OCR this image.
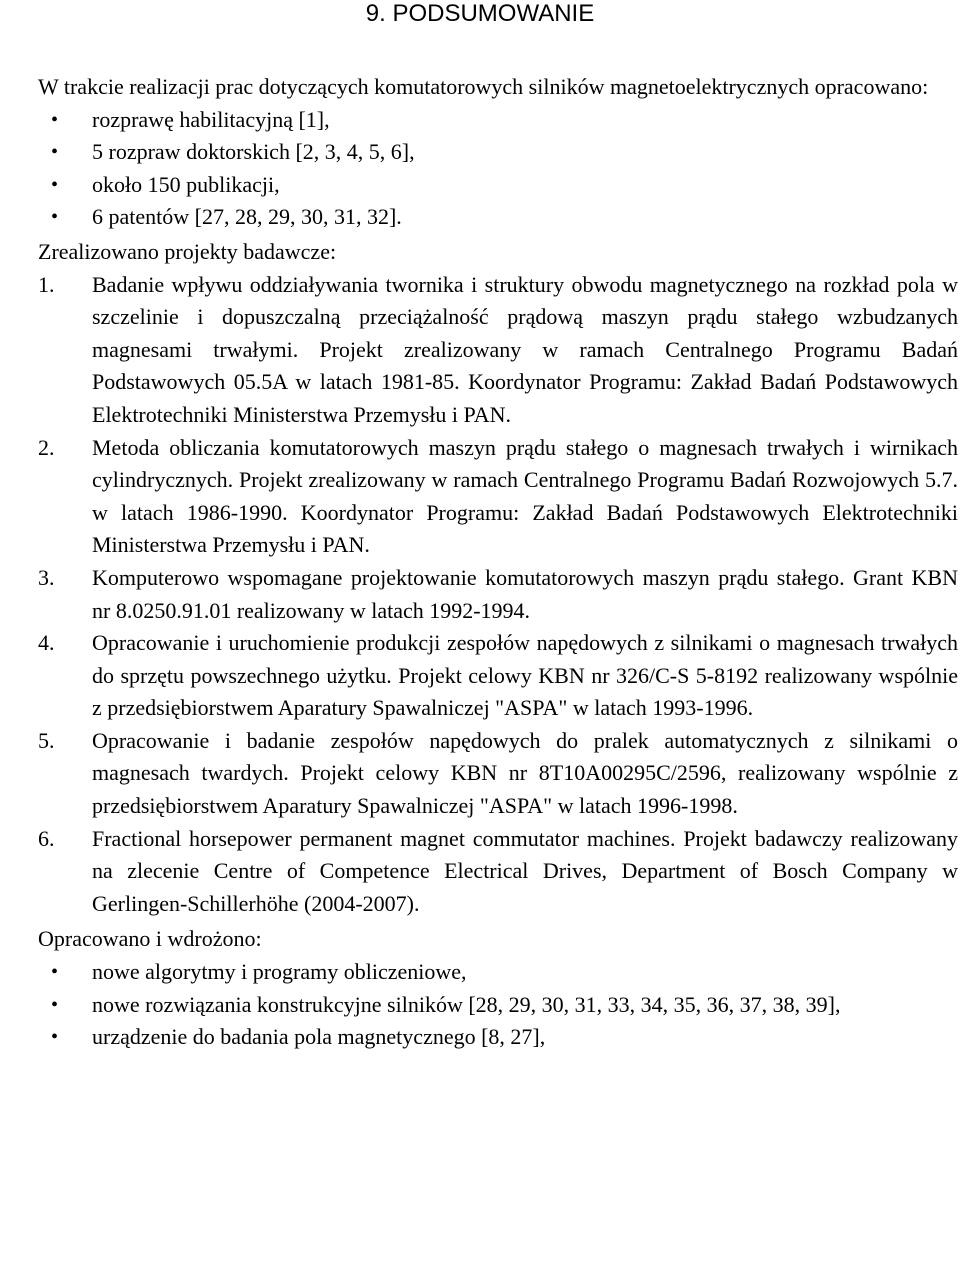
9. PODSUMOWANIE

W trakcie realizacji prac dotyczących komutatorowych silników magnetoelektrycznych opracowano:

• rozprawę habilitacyjną [1],
• 5 rozpraw doktorskich [2, 3, 4, 5, 6],
• około 150 publikacji,
• 6 patentów [27, 28, 29, 30, 31, 32].

Zrealizowano projekty badawcze:

1. Badanie wpływu oddziaływania twornika i struktury obwodu magnetycznego na rozkład pola w szczelinie i dopuszczalną przeciążalność prądową maszyn prądu stałego wzbudzanych magnesami trwałymi. Projekt zrealizowany w ramach Centralnego Programu Badań Podstawowych 05.5A w latach 1981-85. Koordynator Programu: Zakład Badań Podstawowych Elektrotechniki Ministerstwa Przemysłu i PAN.
2. Metoda obliczania komutatorowych maszyn prądu stałego o magnesach trwałych i wirnikach cylindrycznych. Projekt zrealizowany w ramach Centralnego Programu Badań Rozwojowych 5.7. w latach 1986-1990. Koordynator Programu: Zakład Badań Podstawowych Elektrotechniki Ministerstwa Przemysłu i PAN.
3. Komputerowo wspomagane projektowanie komutatorowych maszyn prądu stałego. Grant KBN nr 8.0250.91.01 realizowany w latach 1992-1994.
4. Opracowanie i uruchomienie produkcji zespołów napędowych z silnikami o magnesach trwałych do sprzętu powszechnego użytku. Projekt celowy KBN nr 326/C-S 5-8192 realizowany wspólnie z przedsiębiorstwem Aparatury Spawalniczej "ASPA" w latach 1993-1996.
5. Opracowanie i badanie zespołów napędowych do pralek automatycznych z silnikami o magnesach twardych. Projekt celowy KBN nr 8T10A00295C/2596, realizowany wspólnie z przedsiębiorstwem Aparatury Spawalniczej "ASPA" w latach 1996-1998.
6. Fractional horsepower permanent magnet commutator machines. Projekt badawczy realizowany na zlecenie Centre of Competence Electrical Drives, Department of Bosch Company w Gerlingen-Schillerhöhe (2004-2007).

Opracowano i wdrożono:

• nowe algorytmy i programy obliczeniowe,
• nowe rozwiązania konstrukcyjne silników [28, 29, 30, 31, 33, 34, 35, 36, 37, 38, 39],
• urządzenie do badania pola magnetycznego [8, 27],
